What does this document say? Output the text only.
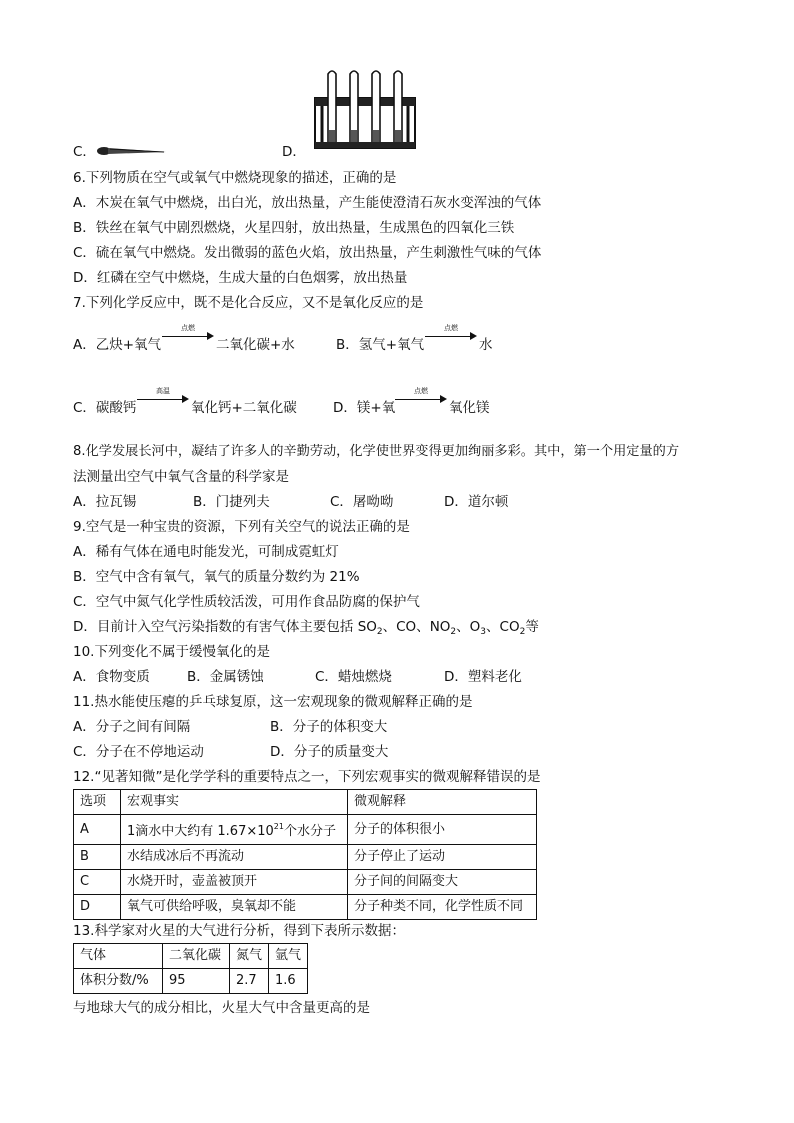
C．	D．
6.下列物质在空气或氧气中燃烧现象的描述，正确的是
A．木炭在氧气中燃烧，出白光，放出热量，产生能使澄清石灰水变浑浊的气体
B．铁丝在氧气中剧烈燃烧，火星四射，放出热量，生成黑色的四氧化三铁
C．硫在氧气中燃烧。发出微弱的蓝色火焰，放出热量，产生刺激性气味的气体
D．红磷在空气中燃烧，生成大量的白色烟雾，放出热量
7.下列化学反应中，既不是化合反应，又不是氧化反应的是
A．乙炔+氧气
点燃
二氧化碳+水	B．氢气+氧气
点燃
水
C．碳酸钙
高温
氧化钙+二氧化碳	D．镁+氧
点燃
氧化镁
8.化学发展长河中，凝结了许多人的辛勤劳动，化学使世界变得更加绚丽多彩。其中，第一个用定量的方
法测量出空气中氧气含量的科学家是
A．拉瓦锡	B．门捷列夫	C．屠呦呦	D．道尔顿
9.空气是一种宝贵的资源，下列有关空气的说法正确的是
A．稀有气体在通电时能发光，可制成霓虹灯
B．空气中含有氧气，氧气的质量分数约为 21%
C．空气中氮气化学性质较活泼，可用作食品防腐的保护气
D．目前计入空气污染指数的有害气体主要包括 $SO_2$、CO、$NO_2$、$O_3$、$CO_2$等
10.下列变化不属于缓慢氧化的是
A．食物变质	B．金属锈蚀	C．蜡烛燃烧	D．塑料老化
11.热水能使压瘪的乒乓球复原，这一宏观现象的微观解释正确的是
A．分子之间有间隔	B．分子的体积变大
C．分子在不停地运动	D．分子的质量变大
12.“见著知微”是化学学科的重要特点之一，下列宏观事实的微观解释错误的是
选项	宏观事实	微观解释
A	1滴水中大约有 $1.67\times 10^{21}$个水分子	分子的体积很小
B	水结成冰后不再流动	分子停止了运动
C	水烧开时，壶盖被顶开	分子间的间隔变大
D	氧气可供给呼吸，臭氧却不能	分子种类不同，化学性质不同
13.科学家对火星的大气进行分析，得到下表所示数据：
气体	二氧化碳	氮气	氩气
体积分数/%	95	2.7	1.6
与地球大气的成分相比，火星大气中含量更高的是
